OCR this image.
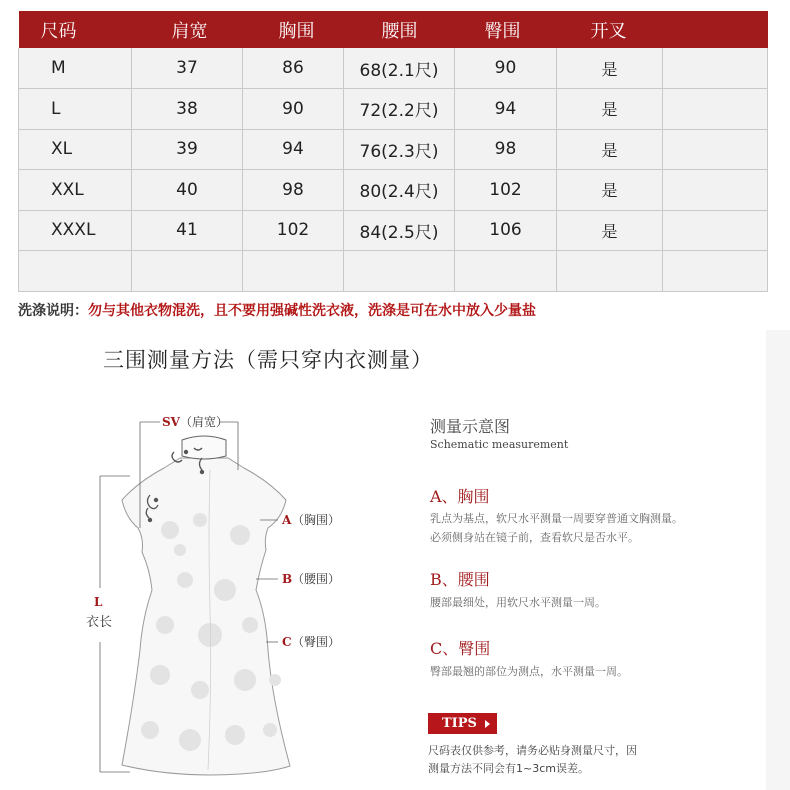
尺码	肩宽	胸围	腰围	臀围	开叉	
M	37	86	68(2.1尺)	90	是	
L	38	90	72(2.2尺)	94	是	
XL	39	94	76(2.3尺)	98	是	
XXL	40	98	80(2.4尺)	102	是	
XXXL	41	102	84(2.5尺)	106	是	

洗涤说明：勿与其他衣物混洗，且不要用强碱性洗衣液，洗涤是可在水中放入少量盐
三围测量方法（需只穿内衣测量）
SV （肩宽）
L
衣长
A （胸围）
B （腰围）
C （臀围）
测量示意图
Schematic measurement
A、胸围
乳点为基点，软尺水平测量一周要穿普通文胸测量。
必须侧身站在镜子前，查看软尺是否水平。
B、腰围
腰部最细处，用软尺水平测量一周。
C、臀围
臀部最翘的部位为测点，水平测量一周。
TIPS
尺码表仅供参考，请务必贴身测量尺寸，因
测量方法不同会有1~3cm误差。
